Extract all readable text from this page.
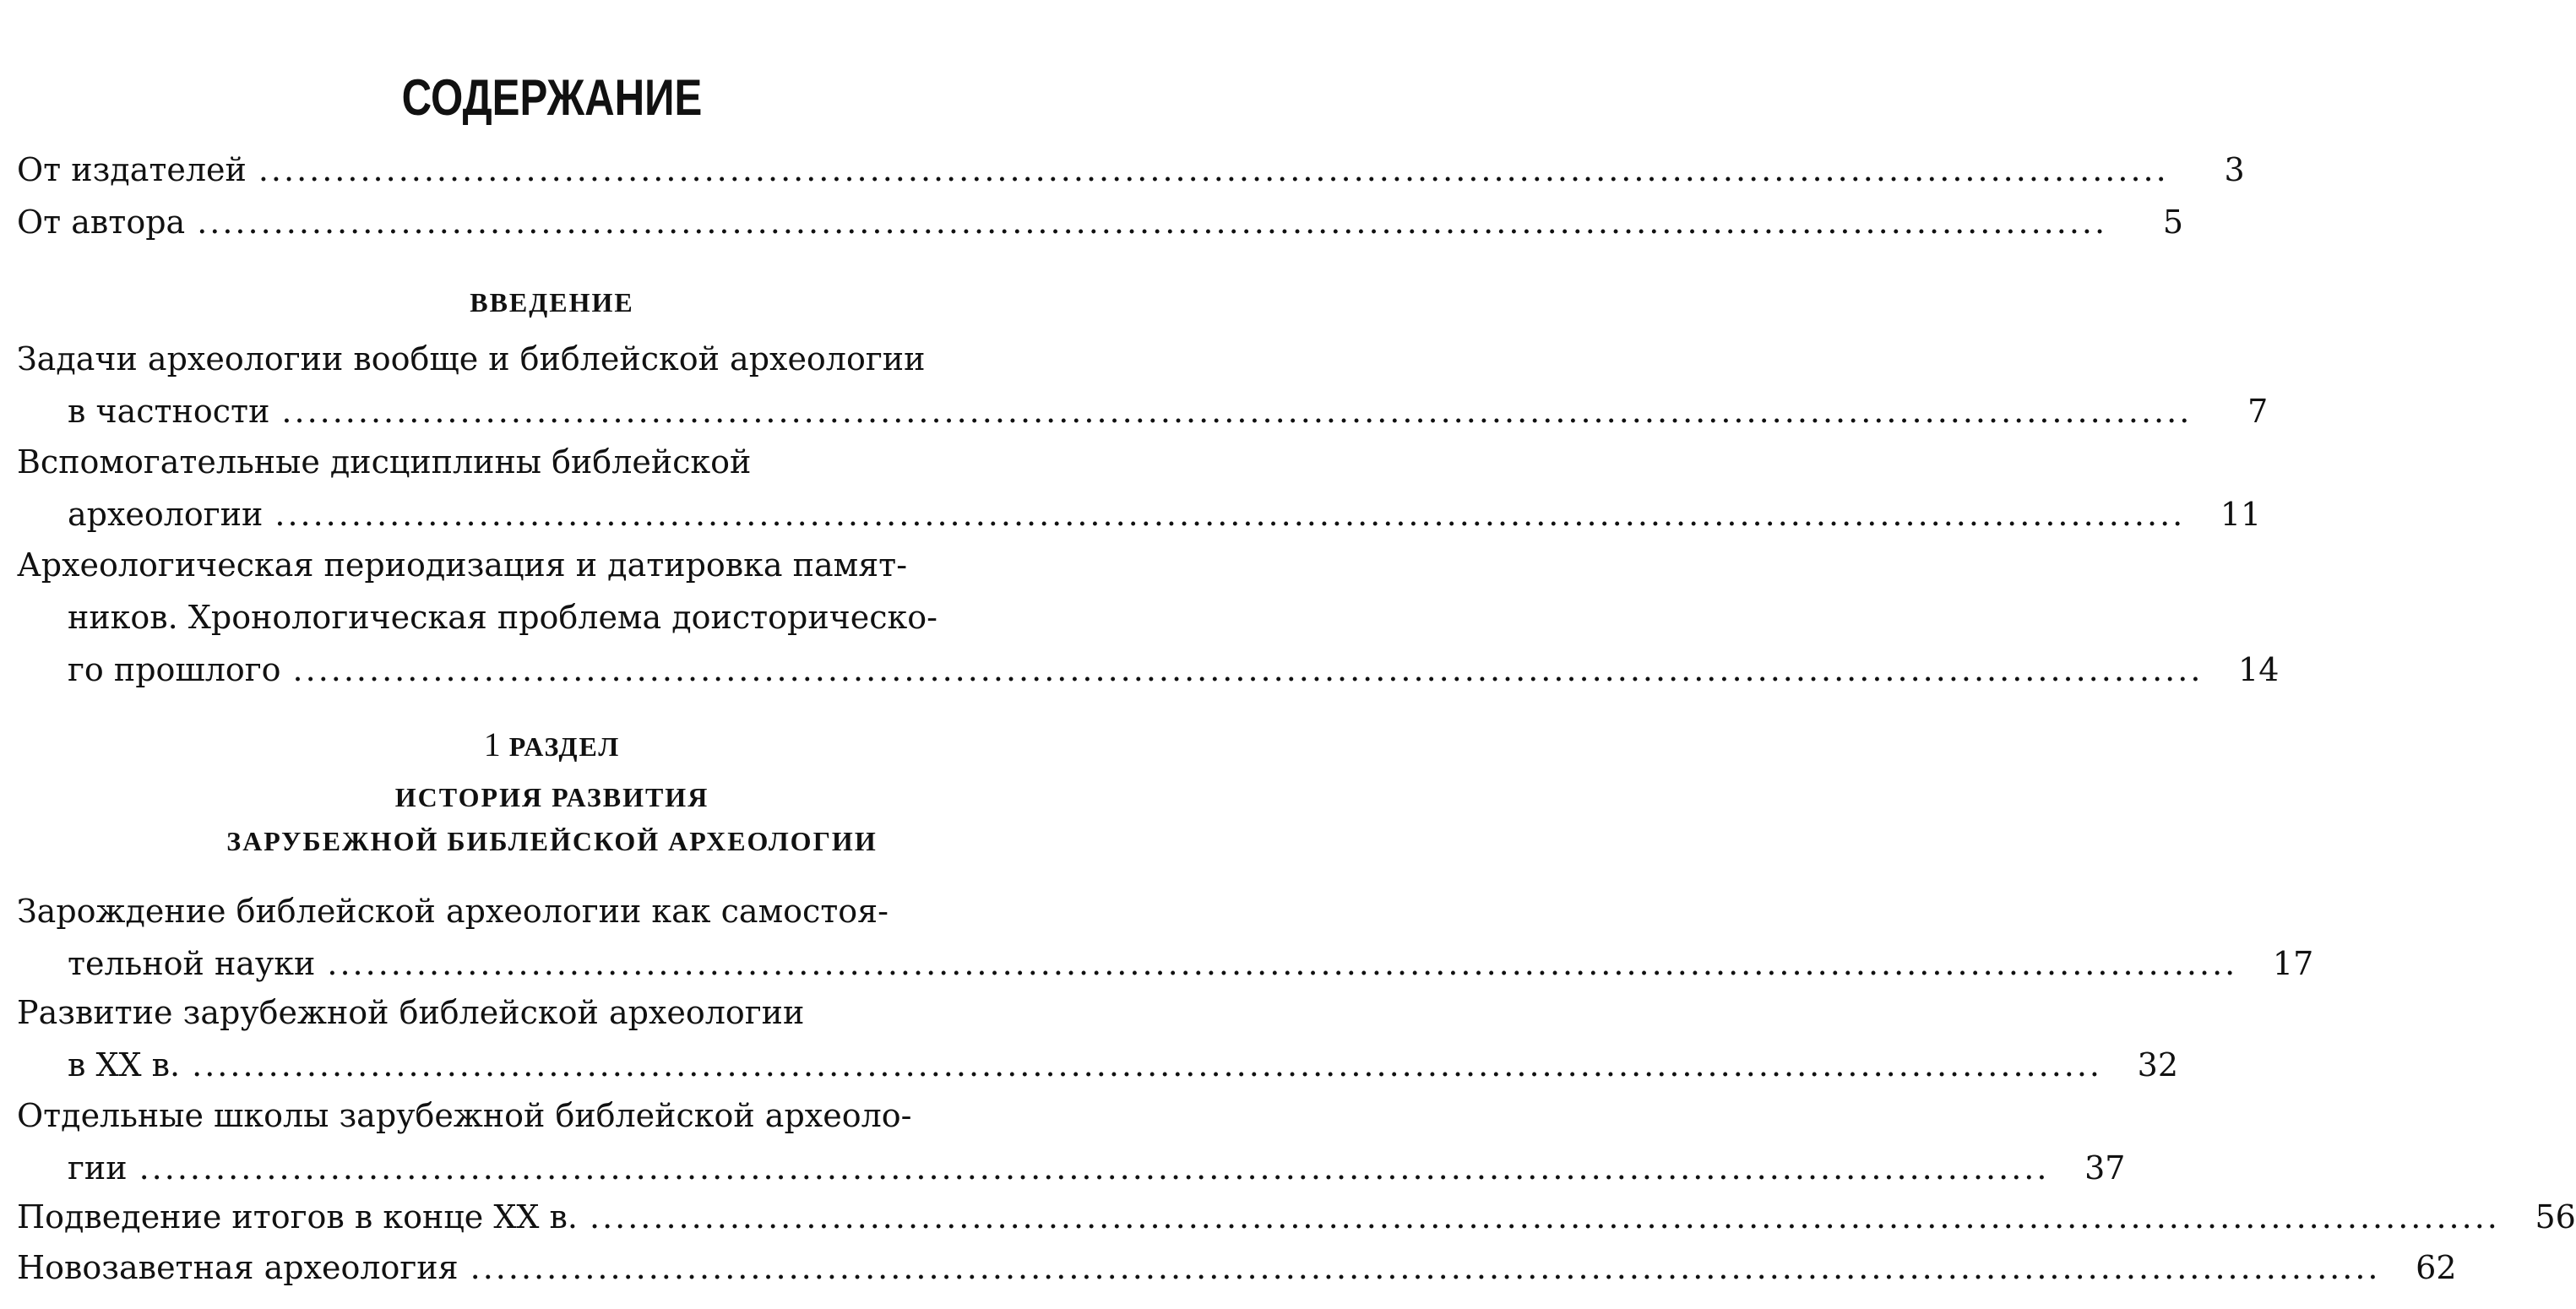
СОДЕРЖАНИЕ
От издателей ......................................................................................................................................................	3
От автора ......................................................................................................................................................	5
ВВЕДЕНИЕ
Задачи археологии вообще и библейской археологии
в частности ......................................................................................................................................................	7
Вспомогательные дисциплины библейской
археологии ......................................................................................................................................................	11
Археологическая периодизация и датировка памят-
ников. Хронологическая проблема доисторическо-
го прошлого ......................................................................................................................................................	14
1 РАЗДЕЛ
ИСТОРИЯ РАЗВИТИЯ
ЗАРУБЕЖНОЙ БИБЛЕЙСКОЙ АРХЕОЛОГИИ
Зарождение библейской археологии как самостоя-
тельной науки ......................................................................................................................................................	17
Развитие зарубежной библейской археологии
в XX в. ......................................................................................................................................................	32
Отдельные школы зарубежной библейской археоло-
гии ......................................................................................................................................................	37
Подведение итогов в конце XX в. ......................................................................................................................................................	56
Новозаветная археология ......................................................................................................................................................	62
